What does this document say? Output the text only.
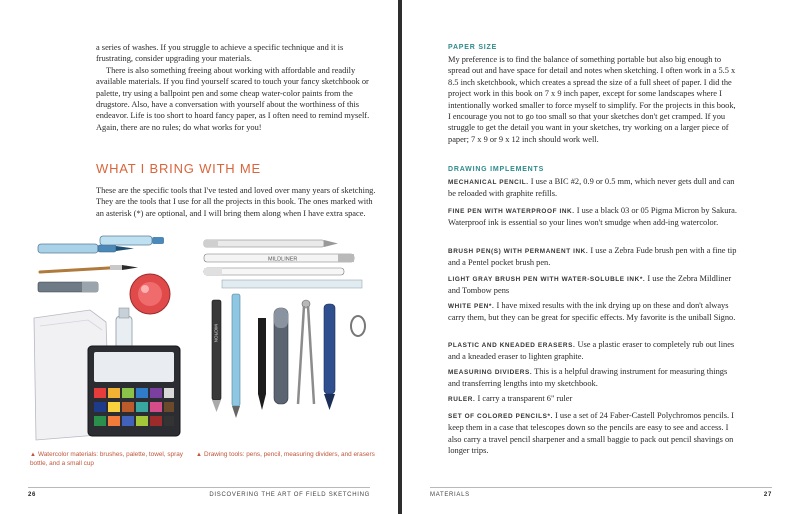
a series of washes. If you struggle to achieve a specific technique and it is frustrating, consider upgrading your materials.

There is also something freeing about working with affordable and readily available materials. If you find yourself scared to touch your fancy sketchbook or palette, try using a ballpoint pen and some cheap water-color paints from the drugstore. Also, have a conversation with yourself about the worthiness of this endeavor. Life is too short to hoard fancy paper, as I often need to remind myself. Again, there are no rules; do what works for you!

WHAT I BRING WITH ME

These are the specific tools that I've tested and loved over many years of sketching. They are the tools that I use for all the projects in this book. The ones marked with an asterisk (*) are optional, and I will bring them along when I have extra space.

MILDLINER
MICRON
▲ Watercolor materials: brushes, palette, towel, spray bottle, and a small cup
▲ Drawing tools: pens, pencil, measuring dividers, and erasers
26	DISCOVERING THE ART OF FIELD SKETCHING
PAPER SIZE

My preference is to find the balance of something portable but also big enough to spread out and have space for detail and notes when sketching. I often work in a 5.5 x 8.5 inch sketchbook, which creates a spread the size of a full sheet of paper. I did the project work in this book on 7 x 9 inch paper, except for some landscapes where I intentionally worked smaller to force myself to simplify. For the projects in this book, I encourage you not to go too small so that your sketches don't get cramped. If you struggle to get the detail you want in your sketches, try working on a larger piece of paper; 7 x 9 or 9 x 12 inch should work well.

DRAWING IMPLEMENTS

MECHANICAL PENCIL. I use a BIC #2, 0.9 or 0.5 mm, which never gets dull and can be reloaded with graphite refills.

FINE PEN WITH WATERPROOF INK. I use a black 03 or 05 Pigma Micron by Sakura. Waterproof ink is essential so your lines won't smudge when add-ing watercolor.

BRUSH PEN(S) WITH PERMANENT INK. I use a Zebra Fude brush pen with a fine tip and a Pentel pocket brush pen.

LIGHT GRAY BRUSH PEN WITH WATER-SOLUBLE INK*. I use the Zebra Mildliner and Tombow pens

WHITE PEN*. I have mixed results with the ink drying up on these and don't always carry them, but they can be great for specific effects. My favorite is the uniball Signo.

PLASTIC AND KNEADED ERASERS. Use a plastic eraser to completely rub out lines and a kneaded eraser to lighten graphite.

MEASURING DIVIDERS. This is a helpful drawing instrument for measuring things and transferring lengths into my sketchbook.

RULER. I carry a transparent 6" ruler

SET OF COLORED PENCILS*. I use a set of 24 Faber-Castell Polychromos pencils. I keep them in a case that telescopes down so the pencils are easy to see and access. I also carry a travel pencil sharpener and a small baggie to pack out pencil shavings on longer trips.

MATERIALS	27
